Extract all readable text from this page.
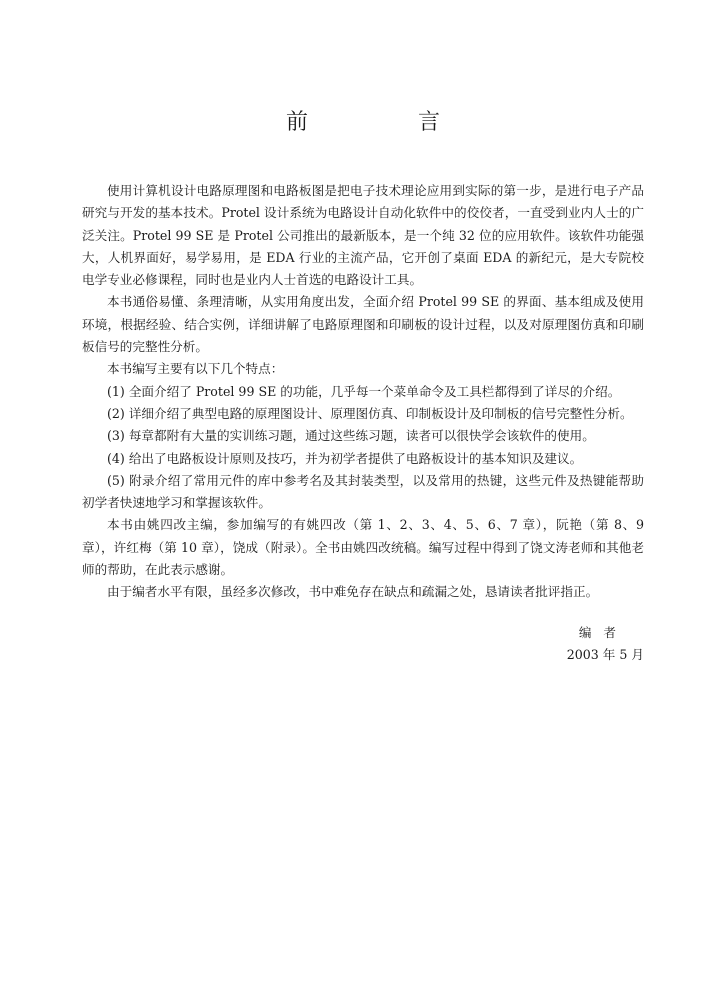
前　言

使用计算机设计电路原理图和电路板图是把电子技术理论应用到实际的第一步，是进行电子产品研究与开发的基本技术。Protel 设计系统为电路设计自动化软件中的佼佼者，一直受到业内人士的广泛关注。Protel 99 SE 是 Protel 公司推出的最新版本，是一个纯 32 位的应用软件。该软件功能强大，人机界面好，易学易用，是 EDA 行业的主流产品，它开创了桌面 EDA 的新纪元，是大专院校电学专业必修课程，同时也是业内人士首选的电路设计工具。

本书通俗易懂、条理清晰，从实用角度出发，全面介绍 Protel 99 SE 的界面、基本组成及使用环境，根据经验、结合实例，详细讲解了电路原理图和印刷板的设计过程，以及对原理图仿真和印刷板信号的完整性分析。

本书编写主要有以下几个特点：

(1) 全面介绍了 Protel 99 SE 的功能，几乎每一个菜单命令及工具栏都得到了详尽的介绍。

(2) 详细介绍了典型电路的原理图设计、原理图仿真、印制板设计及印制板的信号完整性分析。

(3) 每章都附有大量的实训练习题，通过这些练习题，读者可以很快学会该软件的使用。

(4) 给出了电路板设计原则及技巧，并为初学者提供了电路板设计的基本知识及建议。

(5) 附录介绍了常用元件的库中参考名及其封装类型，以及常用的热键，这些元件及热键能帮助初学者快速地学习和掌握该软件。

本书由姚四改主编，参加编写的有姚四改（第 1、2、3、4、5、6、7 章），阮艳（第 8、9 章），许红梅（第 10 章），饶成（附录）。全书由姚四改统稿。编写过程中得到了饶文涛老师和其他老师的帮助，在此表示感谢。

由于编者水平有限，虽经多次修改，书中难免存在缺点和疏漏之处，恳请读者批评指正。

编者
2003 年 5 月
